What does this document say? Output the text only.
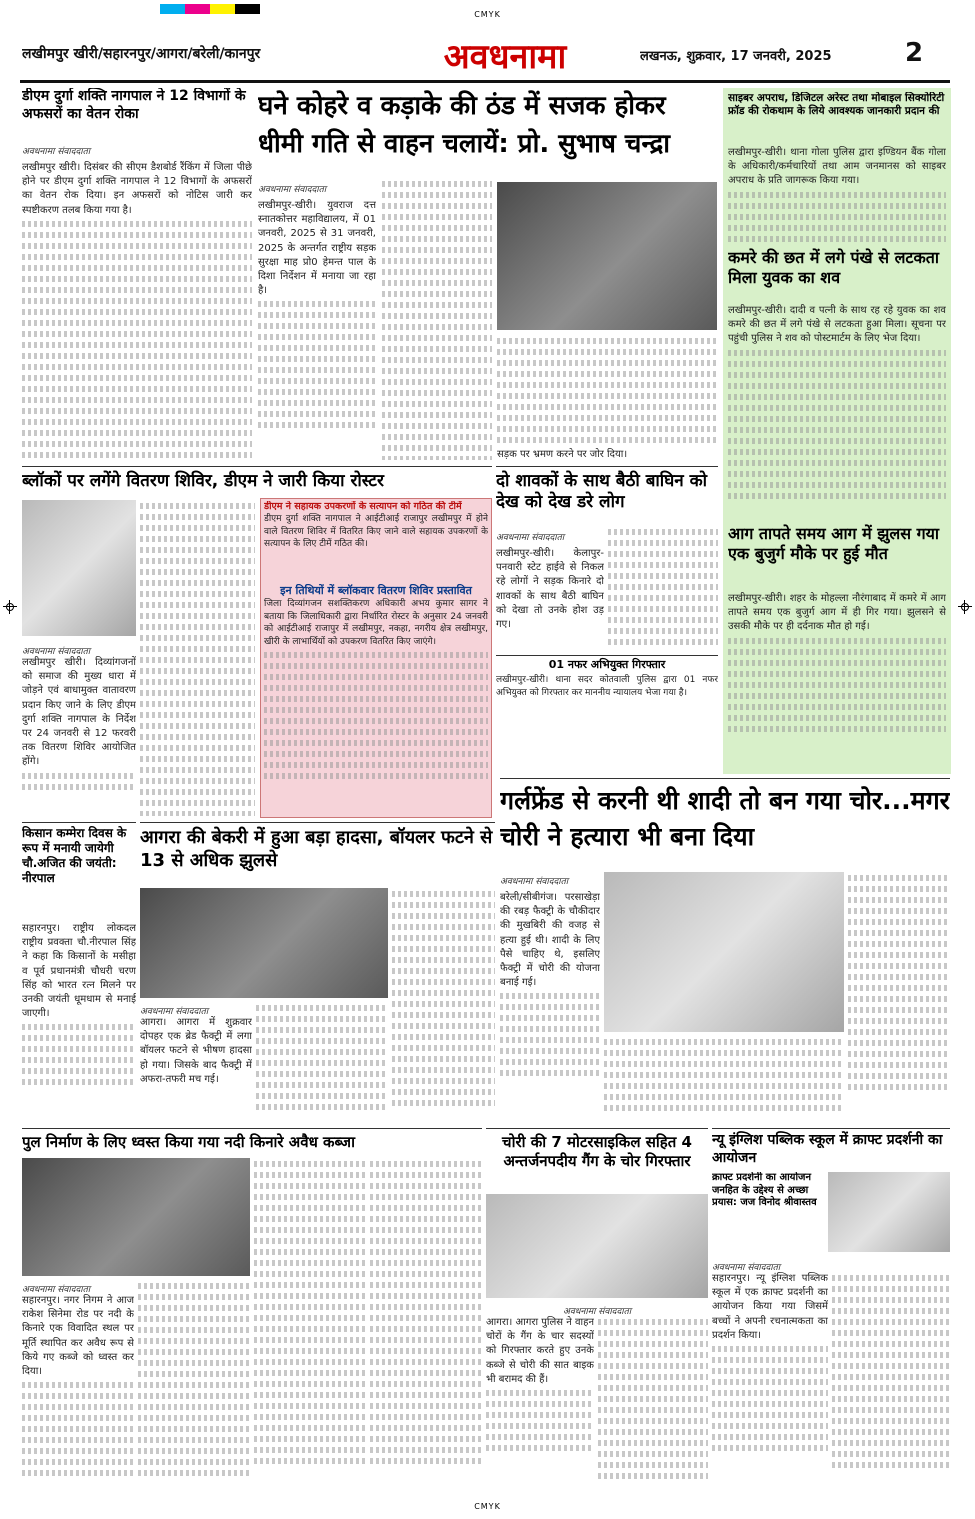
CMYK
लखीमपुर खीरी/सहारनपुर/आगरा/बरेली/कानपुर	अवधनामा	लखनऊ, शुक्रवार, 17 जनवरी, 2025	2
डीएम दुर्गा शक्ति नागपाल ने 12 विभागों के अफसरों का वेतन रोका
अवधनामा संवाददाता
लखीमपुर खीरी। दिसंबर की सीएम डैशबोर्ड रैंकिंग में जिला पीछे होने पर डीएम दुर्गा शक्ति नागपाल ने 12 विभागों के अफसरों का वेतन रोक दिया। इन अफसरों को नोटिस जारी कर स्पष्टीकरण तलब किया गया है।
घने कोहरे व कड़ाके की ठंड में सजक होकर धीमी गति से वाहन चलायें: प्रो. सुभाष चन्द्रा
अवधनामा संवाददाता
लखीमपुर-खीरी। युवराज दत्त स्नातकोत्तर महाविद्यालय, में 01 जनवरी, 2025 से 31 जनवरी, 2025 के अन्तर्गत राष्ट्रीय सड़क सुरक्षा माह प्रो0 हेमन्त पाल के दिशा निर्देशन में मनाया जा रहा है।
सड़क पर भ्रमण करने पर जोर दिया।
साइबर अपराध, डिजिटल अरेस्ट तथा मोबाइल सिक्योरिटी फ्रॉड की रोकथाम के लिये आवश्यक जानकारी प्रदान की
लखीमपुर-खीरी। थाना गोला पुलिस द्वारा इण्डियन बैंक गोला के अधिकारी/कर्मचारियों तथा आम जनमानस को साइबर अपराध के प्रति जागरूक किया गया।
कमरे की छत में लगे पंखे से लटकता मिला युवक का शव
लखीमपुर-खीरी। दादी व पत्नी के साथ रह रहे युवक का शव कमरे की छत में लगे पंखे से लटकता हुआ मिला। सूचना पर पहुंची पुलिस ने शव को पोस्टमार्टम के लिए भेज दिया।
आग तापते समय आग में झुलस गया एक बुजुर्ग मौके पर हुई मौत
लखीमपुर-खीरी। शहर के मोहल्ला नौरंगाबाद में कमरे में आग तापते समय एक बुजुर्ग आग में ही गिर गया। झुलसने से उसकी मौके पर ही दर्दनाक मौत हो गई।
ब्लॉकों पर लगेंगे वितरण शिविर, डीएम ने जारी किया रोस्टर
अवधनामा संवाददाता
लखीमपुर खीरी। दिव्यांगजनों को समाज की मुख्य धारा में जोड़ने एवं बाधामुक्त वातावरण प्रदान किए जाने के लिए डीएम दुर्गा शक्ति नागपाल के निर्देश पर 24 जनवरी से 12 फरवरी तक वितरण शिविर आयोजित होंगे।
डीएम ने सहायक उपकरणों के सत्यापन को गठित की टीमें
डीएम दुर्गा शक्ति नागपाल ने आईटीआई राजापुर लखीमपुर में होने वाले वितरण शिविर में वितरित किए जाने वाले सहायक उपकरणों के सत्यापन के लिए टीमें गठित की।
इन तिथियों में ब्लॉकवार वितरण शिविर प्रस्तावित
जिला दिव्यांगजन सशक्तिकरण अधिकारी अभय कुमार सागर ने बताया कि जिलाधिकारी द्वारा निर्धारित रोस्टर के अनुसार 24 जनवरी को आईटीआई राजापुर में लखीमपुर, नकहा, नगरीय क्षेत्र लखीमपुर, खीरी के लाभार्थियों को उपकरण वितरित किए जाएंगे।
दो शावकों के साथ बैठी बाघिन को देख को देख डरे लोग
अवधनामा संवाददाता
लखीमपुर-खीरी। केलापुर-पनवारी स्टेट हाईवे से निकल रहे लोगों ने सड़क किनारे दो शावकों के साथ बैठी बाघिन को देखा तो उनके होश उड़ गए।
01 नफर अभियुक्त गिरफ्तार
लखीमपुर-खीरी। थाना सदर कोतवाली पुलिस द्वारा 01 नफर अभियुक्त को गिरफ्तार कर माननीय न्यायालय भेजा गया है।
किसान कम्मेरा दिवस के रूप में मनायी जायेगी चौ.अजित की जयंती: नीरपाल
सहारनपुर। राष्ट्रीय लोकदल राष्ट्रीय प्रवक्ता चौ.नीरपाल सिंह ने कहा कि किसानों के मसीहा व पूर्व प्रधानमंत्री चौधरी चरण सिंह को भारत रत्न मिलने पर उनकी जयंती धूमधाम से मनाई जाएगी।
आगरा की बेकरी में हुआ बड़ा हादसा, बॉयलर फटने से 13 से अधिक झुलसे
अवधनामा संवाददाता
आगरा। आगरा में शुक्रवार दोपहर एक ब्रेड फैक्ट्री में लगा बॉयलर फटने से भीषण हादसा हो गया। जिसके बाद फैक्ट्री में अफरा-तफरी मच गई।
गर्लफ्रेंड से करनी थी शादी तो बन गया चोर...मगर चोरी ने हत्यारा भी बना दिया
अवधनामा संवाददाता
बरेली/सीबीगंज। परसाखेड़ा की रबड़ फैक्ट्री के चौकीदार की मुखबिरी की वजह से हत्या हुई थी। शादी के लिए पैसे चाहिए थे, इसलिए फैक्ट्री में चोरी की योजना बनाई गई।
पुल निर्माण के लिए ध्वस्त किया गया नदी किनारे अवैध कब्जा
अवधनामा संवाददाता
सहारनपुर। नगर निगम ने आज राकेश सिनेमा रोड पर नदी के किनारे एक विवादित स्थल पर मूर्ति स्थापित कर अवैध रूप से किये गए कब्जे को ध्वस्त कर दिया।
चोरी की 7 मोटरसाइकिल सहित 4 अन्तर्जनपदीय गैंग के चोर गिरफ्तार
अवधनामा संवाददाता
आगरा। आगरा पुलिस ने वाहन चोरों के गैंग के चार सदस्यों को गिरफ्तार करते हुए उनके कब्जे से चोरी की सात बाइक भी बरामद की हैं।
न्यू इंग्लिश पब्लिक स्कूल में क्राफ्ट प्रदर्शनी का आयोजन
क्राफ्ट प्रदर्शनी का आयोजन जनहित के उद्देश्य से अच्छा प्रयास: जज विनोद श्रीवास्तव
अवधनामा संवाददाता
सहारनपुर। न्यू इंग्लिश पब्लिक स्कूल में एक क्राफ्ट प्रदर्शनी का आयोजन किया गया जिसमें बच्चों ने अपनी रचनात्मकता का प्रदर्शन किया।
CMYK
